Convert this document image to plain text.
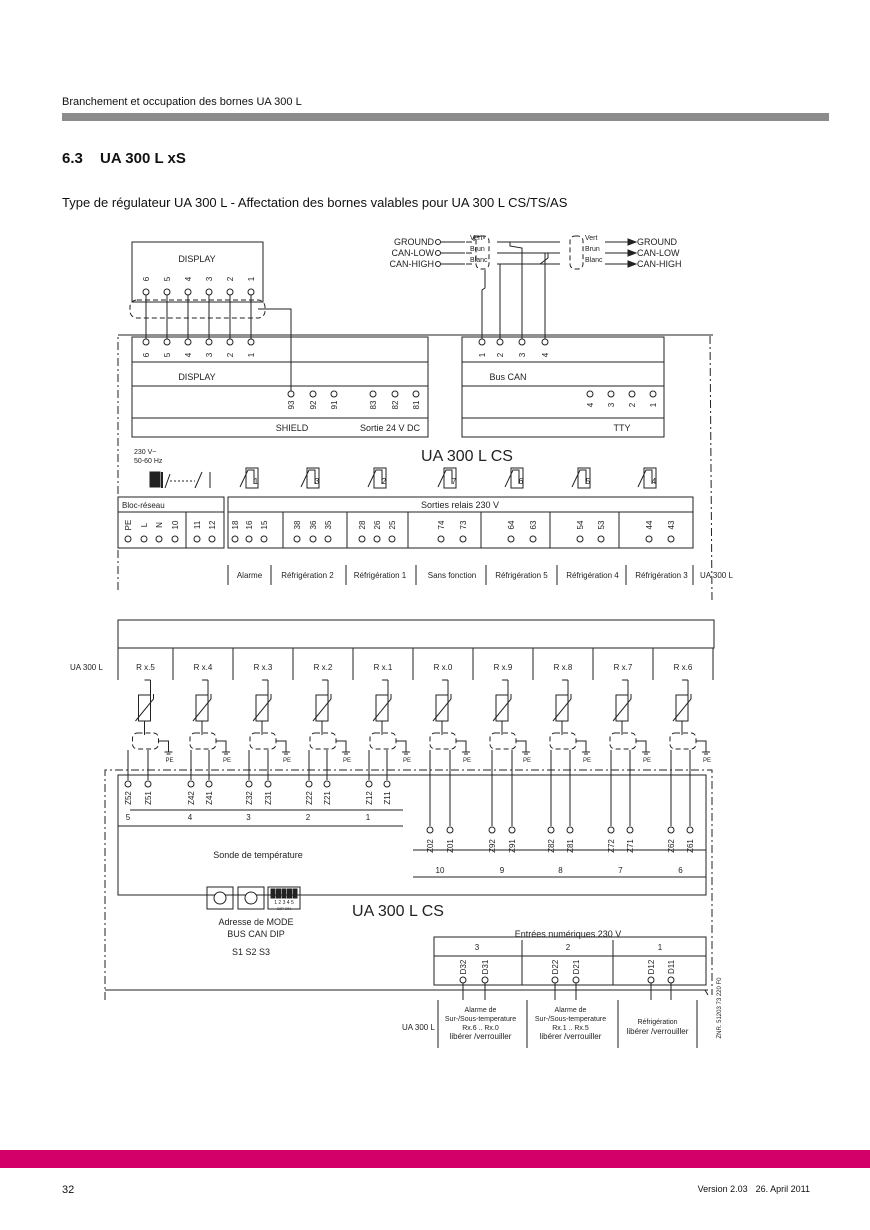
Branchement et occupation des bornes UA 300 L
6.3 UA 300 L xS
Type de régulateur UA 300 L - Affectation des bornes valables pour UA 300 L CS/TS/AS
GROUND	Vert	Vert	GROUND
CAN-LOW	Brun	Brun	CAN-LOW
CAN-HIGH	Blanc	Blanc	CAN-HIGH
DISPLAY
6 5 4 3 2 1
6 5 4 3 2 1
DISPLAY
93 92 91	83 82 81
SHIELD	Sortie 24 V DC
1 2 3 4
Bus CAN
4 3 2 1
TTY
230 V~
50-60 Hz	UA 300 L CS
1	3	2	7	6	5	4
Bloc-réseau	Sorties relais 230 V
PE L N 10 11 12 18 16 15	38 36 35	28 26 25	74 73	64 63	54 53	44 43
Alarme Réfrigération 2	Réfrigération 1	Sans fonction Réfrigération 5 Réfrigération 4 Réfrigération 3 UA 300 L
UA 300 L	R x.5
PE
R x.4
PE
R x.3
PE
R x.2
PE
R x.1
PE
R x.0
PE
R x.9
PE
R x.8
PE
R x.7
PE
R x.6
PE
Z52 Z51
5
Z42 Z41
4
Z32 Z31
3
Z22 Z21
2
Z12 Z11
1
Z02 Z01
10
Z92 Z91
9
Z82 Z81
8
Z72 Z71
7
Z62 Z61
6
Sonde de température
1 2 3 4 5
DIP ON
Adresse de MODE
BUS CAN DIP
S1 S2 S3
UA 300 L CS
Entrées numériques 230 V
3	2	1
D32 D31	D22 D21	D12 D11
Alarme de
Sur-/Sous-temperature
Rx.6 .. Rx.0
libérer /verrouiller
Alarme de
Sur-/Sous-temperature
Rx.1 .. Rx.5
libérer /verrouiller
Réfrigération
libérer /verrouiller
UA 300 L	ZNR. 51203 73 220 F0
32	Version 2.03 26. April 2011
